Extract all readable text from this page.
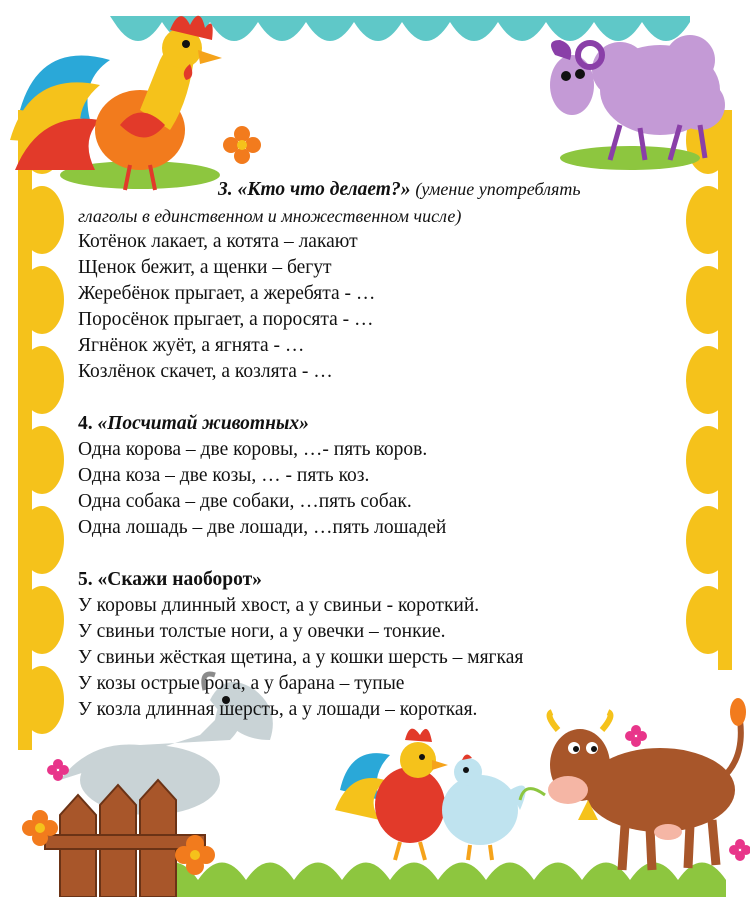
3. «Кто что делает?» (умение употреблять
глаголы в единственном и множественном числе)
Котёнок лакает, а котята – лакают
Щенок бежит, а щенки – бегут
Жеребёнок прыгает, а жеребята - …
Поросёнок прыгает, а поросята - …
Ягнёнок жуёт, а ягнята - …
Козлёнок скачет, а козлята - …
4. «Посчитай животных»
Одна корова – две коровы, …- пять коров.
Одна коза – две козы, … - пять коз.
Одна собака – две собаки, …пять собак.
Одна лошадь – две лошади, …пять лошадей
5. «Скажи наоборот»
У коровы длинный хвост, а у свиньи - короткий.
У свиньи толстые ноги, а у овечки – тонкие.
У свиньи жёсткая щетина, а у кошки шерсть – мягкая
У козы острые рога, а у барана – тупые
У козла длинная шерсть, а у лошади – короткая.
